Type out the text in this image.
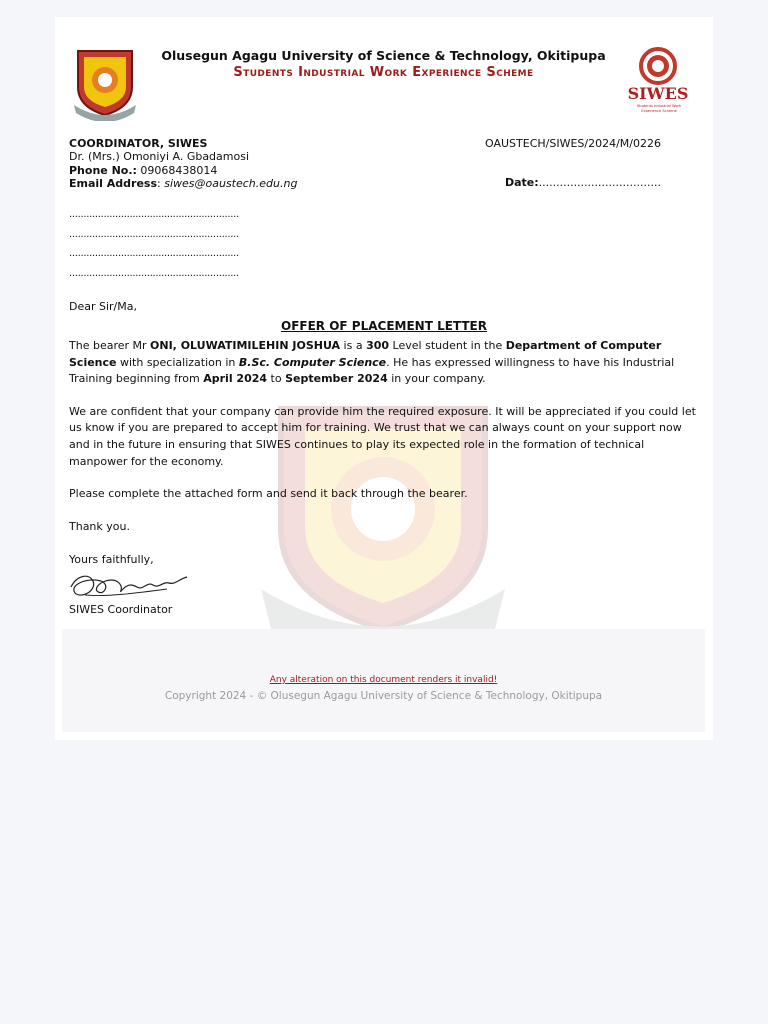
SIWES
Students Industrial Work Experience Scheme
Olusegun Agagu University of Science & Technology, Okitipupa
Students Industrial Work Experience Scheme
COORDINATOR, SIWES
Dr. (Mrs.) Omoniyi A. Gbadamosi
Phone No.: 09068438014
Email Address: siwes@oaustech.edu.ng
OAUSTECH/SIWES/2024/M/0226
Date:...................................
...........................................................
...........................................................
...........................................................
...........................................................
Dear Sir/Ma,
OFFER OF PLACEMENT LETTER

The bearer Mr ONI, OLUWATIMILEHIN JOSHUA is a 300 Level student in the Department of Computer Science with specialization in B.Sc. Computer Science. He has expressed willingness to have his Industrial Training beginning from April 2024 to September 2024 in your company.

We are confident that your company can provide him the required exposure. It will be appreciated if you could let us know if you are prepared to accept him for training. We trust that we can always count on your support now and in the future in ensuring that SIWES continues to play its expected role in the formation of technical manpower for the economy.

Please complete the attached form and send it back through the bearer.

Thank you.

Yours faithfully,
SIWES Coordinator
Any alteration on this document renders it invalid!
Copyright 2024 - © Olusegun Agagu University of Science & Technology, Okitipupa
